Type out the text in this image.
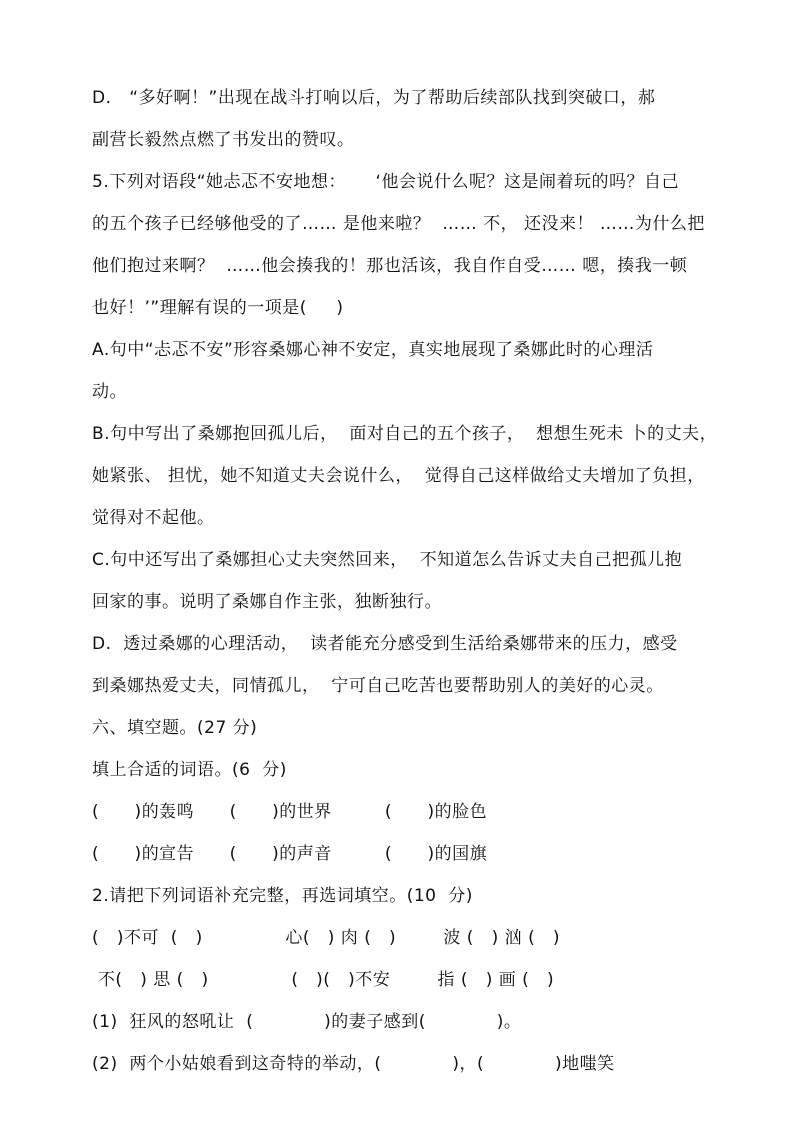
D.   “多好啊！”出现在战斗打响以后，为了帮助后续部队找到突破口，郝

副营长毅然点燃了书发出的赞叹。

5.下列对语段“她忐忑不安地想：     ‘他会说什么呢？这是闹着玩的吗？自己

的五个孩子已经够他受的了…… 是他来啦？  …… 不， 还没来！ ……为什么把

他们抱过来啊？  ……他会揍我的！那也活该，我自作自受…… 嗯，揍我一顿

也好！’”理解有误的一项是(     )

A.句中“忐忑不安”形容桑娜心神不安定，真实地展现了桑娜此时的心理活

动。

B.句中写出了桑娜抱回孤儿后，  面对自己的五个孩子，  想想生死未 卜的丈夫，

她紧张、 担忧，她不知道丈夫会说什么，  觉得自己这样做给丈夫增加了负担，

觉得对不起他。

C.句中还写出了桑娜担心丈夫突然回来，  不知道怎么告诉丈夫自己把孤儿抱

回家的事。说明了桑娜自作主张，独断独行。

D.  透过桑娜的心理活动，  读者能充分感受到生活给桑娜带来的压力，感受

到桑娜热爱丈夫，同情孤儿，  宁可自己吃苦也要帮助别人的美好的心灵。

六、填空题。(27 分)

填上合适的词语。(6  分)

(      )的轰鸣      (      )的世界         (      )的脸色

(      )的宣告      (      )的声音         (      )的国旗

2.请把下列词语补充完整，再选词填空。(10  分)

(   )不可  (   )              心(   ) 肉 (   )        波 (   ) 汹 (   )

不(   ) 思 (   )              (   )(   )不安        指 (   ) 画 (   )

(1)  狂风的怒吼让  (            )的妻子感到(            )。

(2)  两个小姑娘看到这奇特的举动，(            )，(            )地嗤笑
